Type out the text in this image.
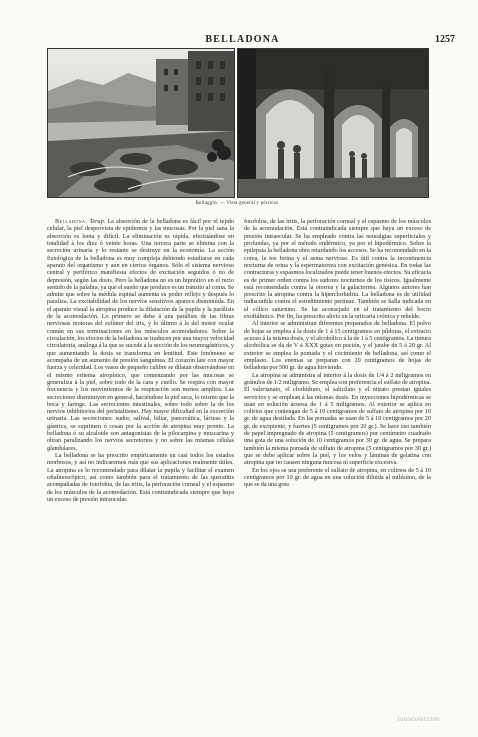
BELLADONA	1257
Bellaggio. — Vista general y pórticos

Belladona. Terap. La absorción de la belladona es fácil por el tejido celular, la piel desprovista de epidermis y las mucosas. Por la piel sana la absorción es lenta y difícil. La eliminación es rápida, efectuándose en totalidad á los diez ó veinte horas. Una tercera parte se elimina con la secreción urinaria y lo restante se destruye en la economía. La acción fisiológica de la belladona es muy compleja debiendo estudiarse en cada aparato del organismo y aun en ciertos órganos. Sólo el sistema nervioso central y periférico manifiesta efectos de excitación seguidos ó no de depresión, según las dosis. Pero la belladona no es un hipnótico en el recto sentido de la palabra, ya que el sueño que produce es un tránsito al coma. Se admite que sobre la médula espinal aumenta su poder reflejo y después lo paraliza. La excitabilidad de los nervios sensitivos aparece disminuida. En el aparato visual la atropina produce la dilatación de la pupila y la parálisis de la acomodación. Lo primero se debe á una parálisis de las fibras nerviosas motoras del esfínter del iris, y lo último á la del motor ocular común en sus terminaciones en los músculos acomodadores. Sobre la circulación, los efectos de la belladona se traducen por una mayor velocidad circulatoria, análoga á la que se sucede á la sección de los neumogástricos, y que aumentando la dosis se transforma en lentitud. Este fenómeno se acompaña de un aumento de presión sanguínea. El corazón late con mayor fuerza y celeridad. Los vasos de pequeño calibre se dilatan observándose en el mismo eritema atropínico, que comenzando por las mucosas se generaliza á la piel, sobre todo de la cara y cuello. Se respira con mayor frecuencia y los movimientos de la respiración son menos amplios. Las secreciones disminuyen en general, haciéndose la piel seca, lo mismo que la boca y faringe. Las secreciones intestinales, sobre todo sobre la de los nervios inhibitorios del peristaltismo. Hay mayor dificultad en la excreción urinaria. Las secreciones: sudor, salival, biliar, pancreática, lácteas y la gástrica, se suprimen ó cesan por la acción de atropina muy pronto. La belladona ó su alcaloide son antagonistas de la pilocarpina y muscarina y obran paralizando los nervios secretorios y no sobre las mismas células glandulares.

La belladona se ha prescrito empíricamente en casi todos los estados morbosos, y así no indicaremos más que sus aplicaciones realmente útiles. La atropina es lo recomendado para dilatar la pupila y facilitar el examen oftalmoscópico, así como también para el tratamiento de las queratitis acompañadas de fotofobia, de las iritis, la perforación corneal y el espasmo de los músculos de la acomodación. Está contraindicada siempre que haya un exceso de presión intraocular.

fotofobia, de las iritis, la perforación corneal y el espasmo de los músculos de la acomodación. Está contraindicada siempre que haya un exceso de presión intraocular. Se ha empleado contra las neuralgias superficiales y profundas, ya por el método endérmico, ya por el hipodérmico. Sobre la epilepsia la belladona obra retardando los accesos. Se ha recomendado en la corea, la tos ferina y el asma nervioso. Es útil contra la incontinencia nocturna de orina y la espermatorrea con excitación genésica. En todas las contracturas y espasmos localizados puede tener buenos efectos. Su eficacia es de primer orden contra los sudores nocturnos de los tísicos. Igualmente está recomendada contra la otorrea y la galactorrea. Algunos autores han prescrito la atropina contra la hiperclorhidria. La belladona es de utilidad indiscutible contra el estreñimiento pertinaz. También se halla indicada en el cólico saturnino. Se ha aconsejado en el tratamiento del bocio exoftálmico. Por fin, ha prescrito alivio en la urticaria crónica y rebelde.

Al interior se administran diferentes preparados de belladona. El polvo de hojas se emplea á la dosis de 1 á 15 centigramos en píldoras, el extracto acuoso á la misma dosis, y el alcohólico á la de 1 á 5 centigramos. La tintura alcohólica se da de V á XXX gotas en poción, y el jarabe de 5 á 20 gr. Al exterior se emplea la pomada y el cocimiento de belladona, así como el emplasto. Los enemas se preparan con 20 centigramos de hojas de belladona por 500 gr. de agua hirviendo.

La atropina se administra al interior á la dosis de 1/4 á 2 miligramos en gránulos de 1/2 miligramo. Se emplea con preferencia el sulfato de atropina. El valerianato, el clorhidrato, el salicilato y el nitrato prestan iguales servicios y se emplean á las mismas dosis. En inyecciones hipodérmicas se usan en solución acuosa de 1 á 5 miligramos. Al exterior se aplica en colirios que contengan de 5 á 10 centigramos de sulfato de atropina por 10 gr. de agua destilada. En las pomadas se usan de 5 á 10 centigramos por 20 gr. de excipiente, y fuertes (5 centigramos por 20 gr.). Se hace uso también de papel impregnado de atropina (5 centigramos) por centímetro cuadrado una gota de una solución de 10 centigramos por 30 gr. de agua. Se prepara también la misma pomada de sulfato de atropina (5 centigramos por 30 gr.) que se debe aplicar sobre la piel, y los velos y láminas de gelatina con atropina que no causen ninguna mucosa ni superficie excesiva.

En los ojos se usa preferente el sulfato de atropina, en colirios de 5 á 10 centigramos por 10 gr. de agua en una solución diluida al milésimo, de la que se da una gota

todocoleccion
